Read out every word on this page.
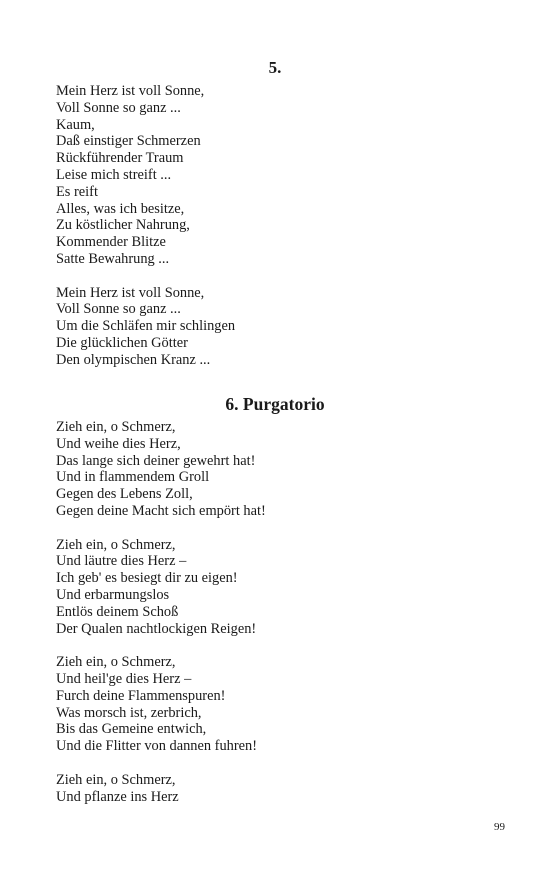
5.
Mein Herz ist voll Sonne,
Voll Sonne so ganz ...
Kaum,
Daß einstiger Schmerzen
Rückführender Traum
Leise mich streift ...
Es reift
Alles, was ich besitze,
Zu köstlicher Nahrung,
Kommender Blitze
Satte Bewahrung ...
Mein Herz ist voll Sonne,
Voll Sonne so ganz ...
Um die Schläfen mir schlingen
Die glücklichen Götter
Den olympischen Kranz ...
6. Purgatorio
Zieh ein, o Schmerz,
Und weihe dies Herz,
Das lange sich deiner gewehrt hat!
Und in flammendem Groll
Gegen des Lebens Zoll,
Gegen deine Macht sich empört hat!
Zieh ein, o Schmerz,
Und läutre dies Herz –
Ich geb' es besiegt dir zu eigen!
Und erbarmungslos
Entlös deinem Schoß
Der Qualen nachtlockigen Reigen!
Zieh ein, o Schmerz,
Und heil'ge dies Herz –
Furch deine Flammenspuren!
Was morsch ist, zerbrich,
Bis das Gemeine entwich,
Und die Flitter von dannen fuhren!
Zieh ein, o Schmerz,
Und pflanze ins Herz
99
